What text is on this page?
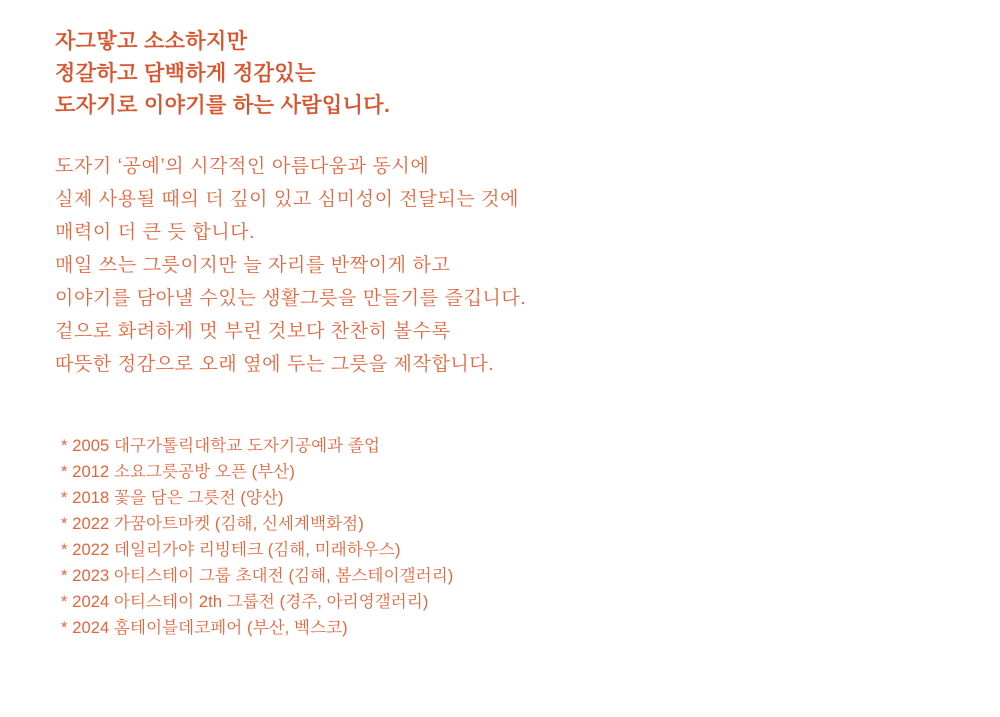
자그맣고 소소하지만
정갈하고 담백하게 정감있는
도자기로 이야기를 하는 사람입니다.
도자기 ‘공예’의 시각적인 아름다움과 동시에
실제 사용될 때의 더 깊이 있고 심미성이 전달되는 것에
매력이 더 큰 듯 합니다.
매일 쓰는 그릇이지만 늘 자리를 반짝이게 하고
이야기를 담아낼 수있는 생활그릇을 만들기를 즐깁니다.
겉으로 화려하게 멋 부린 것보다 찬찬히 볼수록
따뜻한 정감으로 오래 옆에 두는 그릇을 제작합니다.
* 2005 대구가톨릭대학교 도자기공예과 졸업
* 2012 소요그릇공방 오픈 (부산)
* 2018 꽃을 담은 그릇전 (양산)
* 2022 가꿈아트마켓 (김해, 신세계백화점)
* 2022 데일리가야 리빙테크 (김해, 미래하우스)
* 2023 아티스테이 그룹 초대전 (김해, 봄스테이갤러리)
* 2024 아티스테이 2th 그룹전 (경주, 아리영갤러리)
* 2024 홈테이블데코페어 (부산, 벡스코)
